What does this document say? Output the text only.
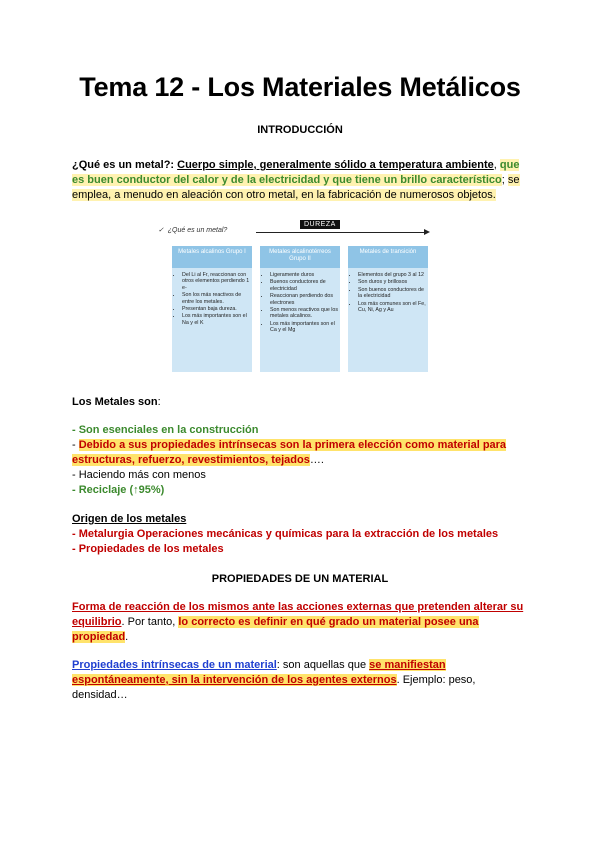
Tema 12 - Los Materiales Metálicos
INTRODUCCIÓN
¿Qué es un metal?: Cuerpo simple, generalmente sólido a temperatura ambiente, que es buen conductor del calor y de la electricidad y que tiene un brillo característico; se emplea, a menudo en aleación con otro metal, en la fabricación de numerosos objetos.
✓  ¿Qué es un metal?
DUREZA
Metales alcalinos Grupo I
• Del Li al Fr, reaccionan con otros elementos perdiendo 1 e-
• Son los más reactivos de entre los metales.
• Presentan baja dureza.
• Los más importantes son el Na y el K
Metales alcalinotérreos Grupo II
• Ligeramente duros
• Buenos conductores de electricidad
• Reaccionan perdiendo dos electrones
• Son menos reactivos que los metales alcalinos.
• Los más importantes son el Ca y el Mg
Metales de transición
• Elementos del grupo 3 al 12
• Son duros y brillosos
• Son buenos conductores de la electricidad
• Los más comunes son el Fe, Cu, Ni, Ag y Au
Los Metales son:
- Son esenciales en la construcción
- Debido a sus propiedades intrínsecas son la primera elección como material para estructuras, refuerzo, revestimientos, tejados….
- Haciendo más con menos
- Reciclaje (↑95%)
Origen de los metales
- Metalurgia Operaciones mecánicas y químicas para la extracción de los metales
- Propiedades de los metales
PROPIEDADES DE UN MATERIAL
Forma de reacción de los mismos ante las acciones externas que pretenden alterar su equilibrio. Por tanto, lo correcto es definir en qué grado un material posee una propiedad.
Propiedades intrínsecas de un material: son aquellas que se manifiestan espontáneamente, sin la intervención de los agentes externos. Ejemplo: peso, densidad…
